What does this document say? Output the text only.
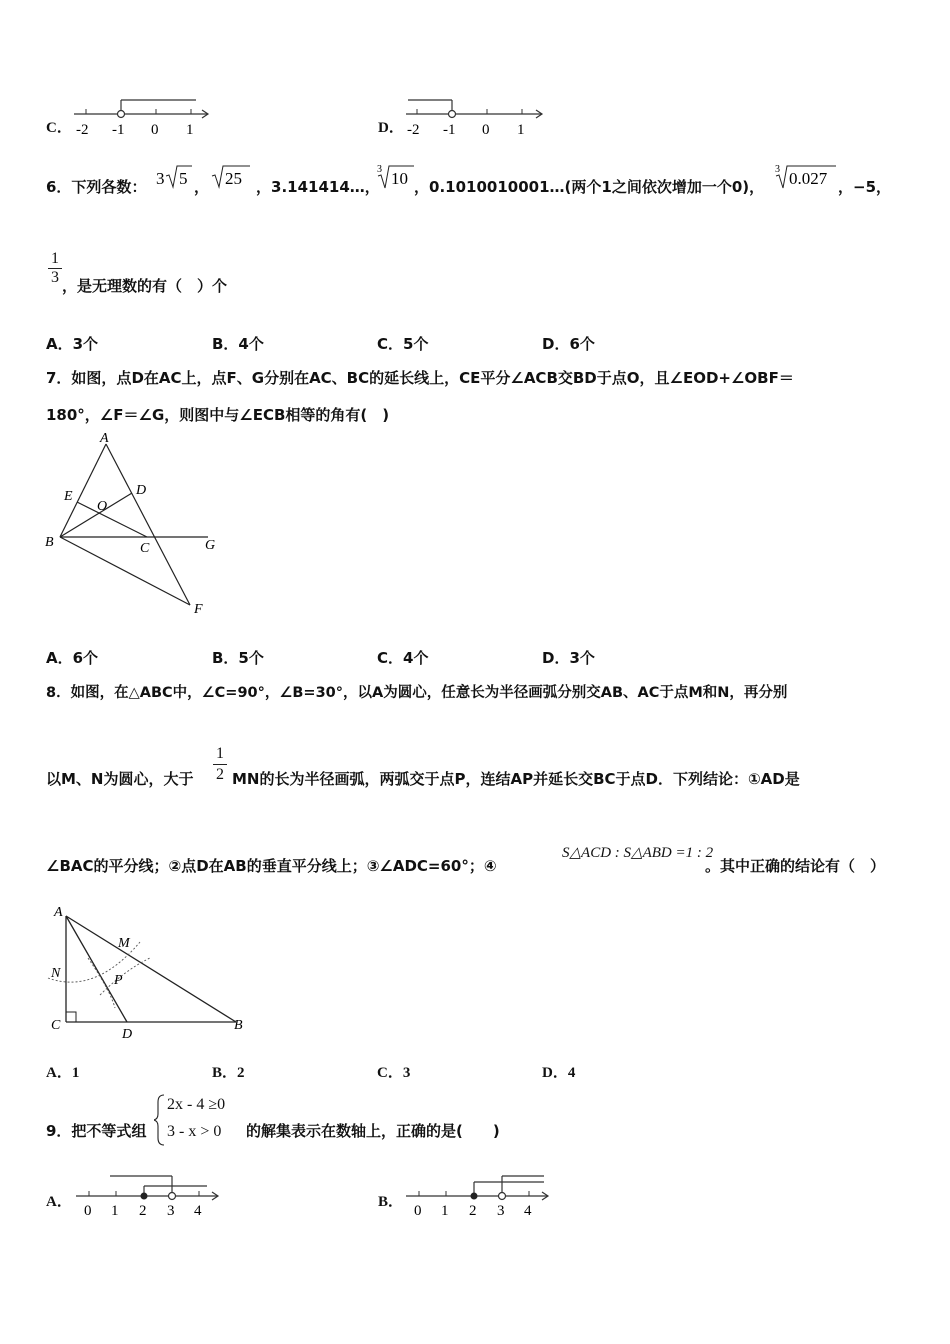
C． -2 -1 0 1	D． -2 -1 0 1
6．下列各数： 3 5 ， 25 ，3.141414…，
3 10 ，0.1010010001…(两个1之间依次增加一个0)，
3 0.027 ，−5，
1
3 ，是无理数的有（　）个
A．3个	B．4个	C．5个	D．6个
7．如图，点D在AC上，点F、G分别在AC、BC的延长线上，CE平分∠ACB交BD于点O，且∠EOD+∠OBF＝
180°，∠F＝∠G，则图中与∠ECB相等的角有(　)
A
E
O
D
B	C	G
F
A．6个	B．5个	C．4个	D．3个
8．如图，在△ABC中，∠C=90°，∠B=30°，以A为圆心，任意长为半径画弧分别交AB、AC于点M和N，再分别
以M、N为圆心，大于
1
2 MN的长为半径画弧，两弧交于点P，连结AP并延长交BC于点D．下列结论：①AD是
∠BAC的平分线；②点D在AB的垂直平分线上；③∠ADC=60°；④
S△ACD : S△ABD =1 : 2
。其中正确的结论有（　）
A
M
N	P
C
D
B
A．1	B．2	C．3	D．4
9．把不等式组
2x - 4 ≥0
3 - x > 0 的解集表示在数轴上，正确的是(　　)
A．
0 1 2 3 4
B．
0 1 2 3 4
